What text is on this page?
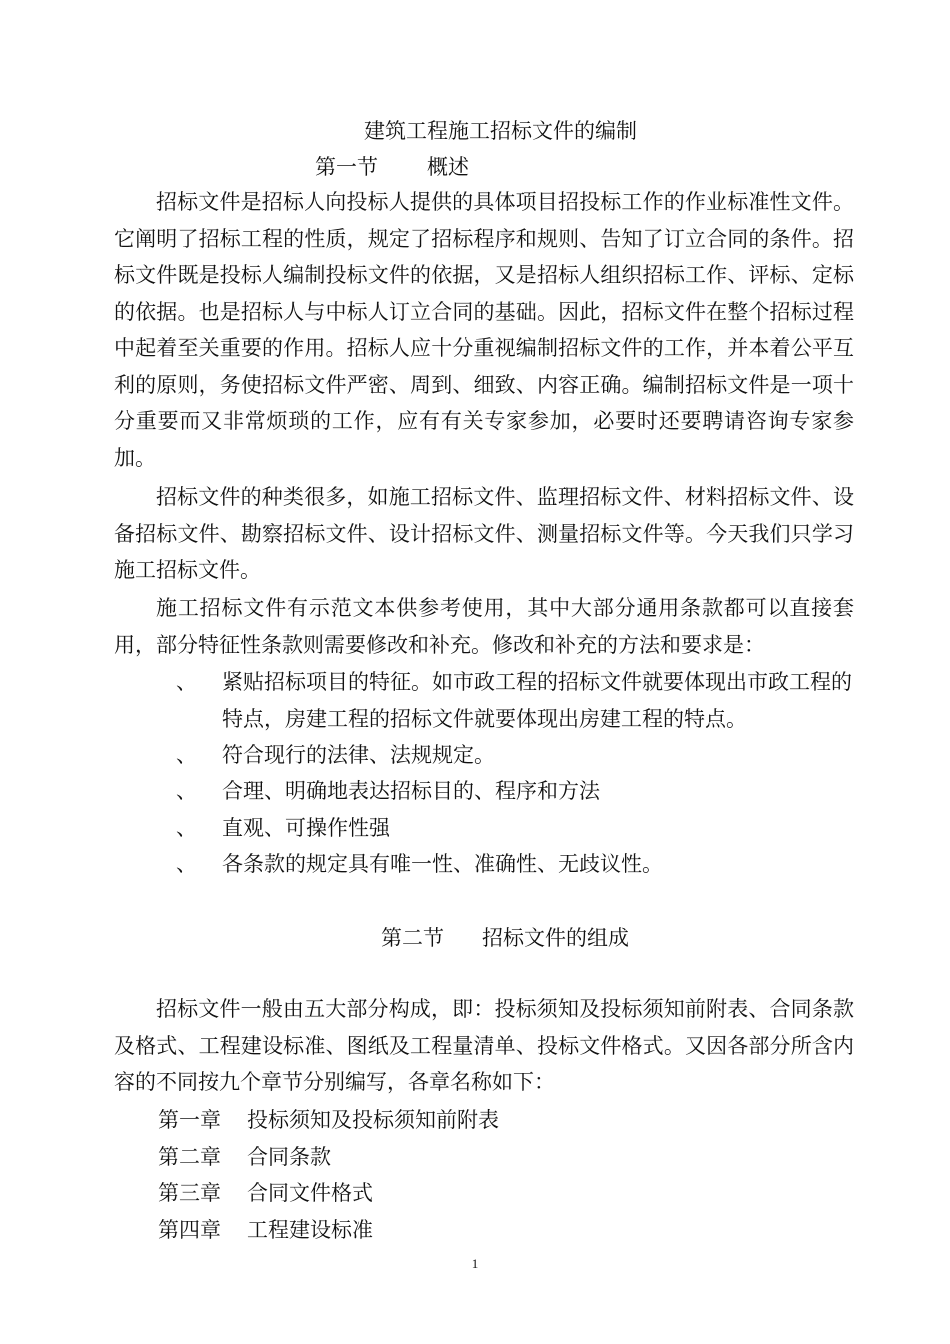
建筑工程施工招标文件的编制
第一节 概述

招标文件是招标人向投标人提供的具体项目招投标工作的作业标准性文件。它阐明了招标工程的性质，规定了招标程序和规则、告知了订立合同的条件。招标文件既是投标人编制投标文件的依据，又是招标人组织招标工作、评标、定标的依据。也是招标人与中标人订立合同的基础。因此，招标文件在整个招标过程中起着至关重要的作用。招标人应十分重视编制招标文件的工作，并本着公平互利的原则，务使招标文件严密、周到、细致、内容正确。编制招标文件是一项十分重要而又非常烦琐的工作，应有有关专家参加，必要时还要聘请咨询专家参加。

招标文件的种类很多，如施工招标文件、监理招标文件、材料招标文件、设备招标文件、勘察招标文件、设计招标文件、测量招标文件等。今天我们只学习施工招标文件。

施工招标文件有示范文本供参考使用，其中大部分通用条款都可以直接套用，部分特征性条款则需要修改和补充。修改和补充的方法和要求是：

、 紧贴招标项目的特征。如市政工程的招标文件就要体现出市政工程的特点，房建工程的招标文件就要体现出房建工程的特点。
、 符合现行的法律、法规规定。
、 合理、明确地表达招标目的、程序和方法
、 直观、可操作性强
、 各条款的规定具有唯一性、准确性、无歧议性。
第二节 招标文件的组成

招标文件一般由五大部分构成，即：投标须知及投标须知前附表、合同条款及格式、工程建设标准、图纸及工程量清单、投标文件格式。又因各部分所含内容的不同按九个章节分别编写，各章名称如下：

第一章 投标须知及投标须知前附表
第二章 合同条款
第三章 合同文件格式
第四章 工程建设标准
1
